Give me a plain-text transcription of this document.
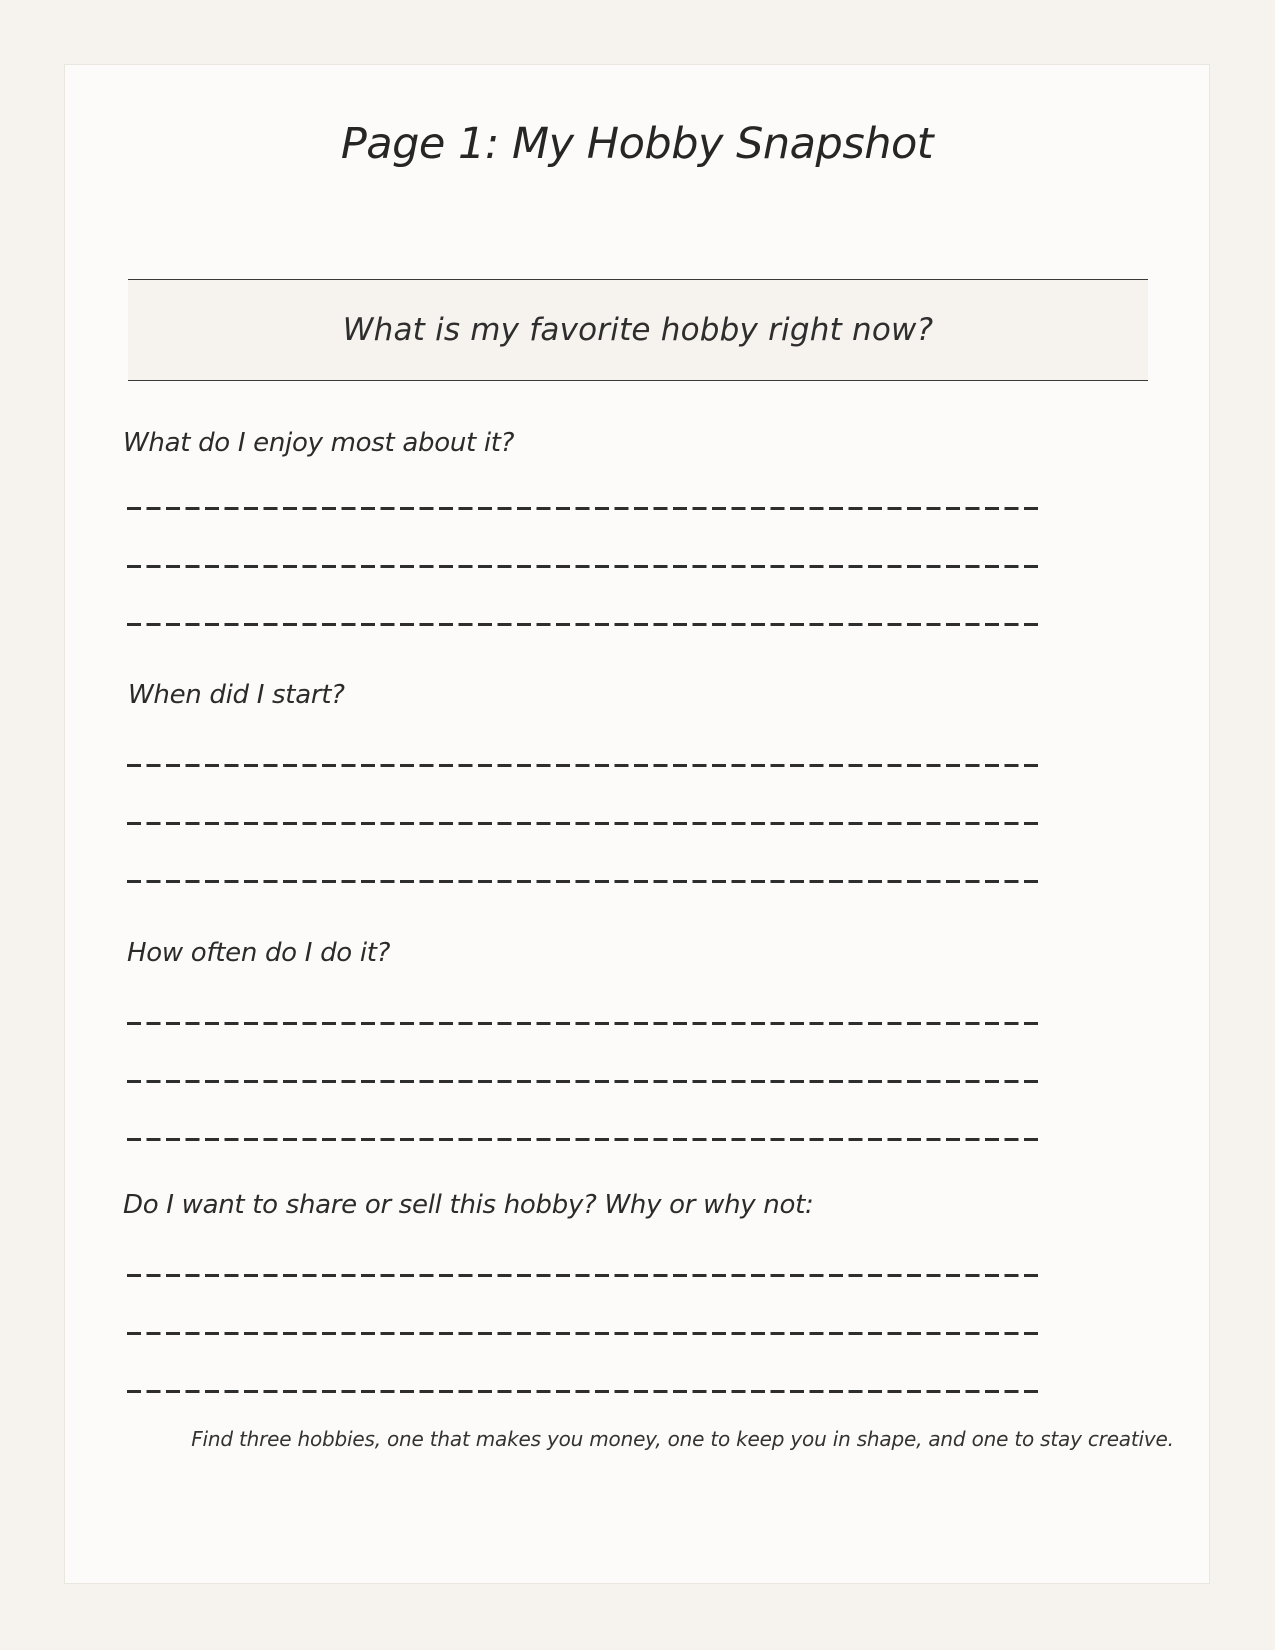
Page 1: My Hobby Snapshot
What is my favorite hobby right now?
What do I enjoy most about it?
When did I start?
How often do I do it?
Do I want to share or sell this hobby? Why or why not:
Find three hobbies, one that makes you money, one to keep you in shape, and one to stay creative.
